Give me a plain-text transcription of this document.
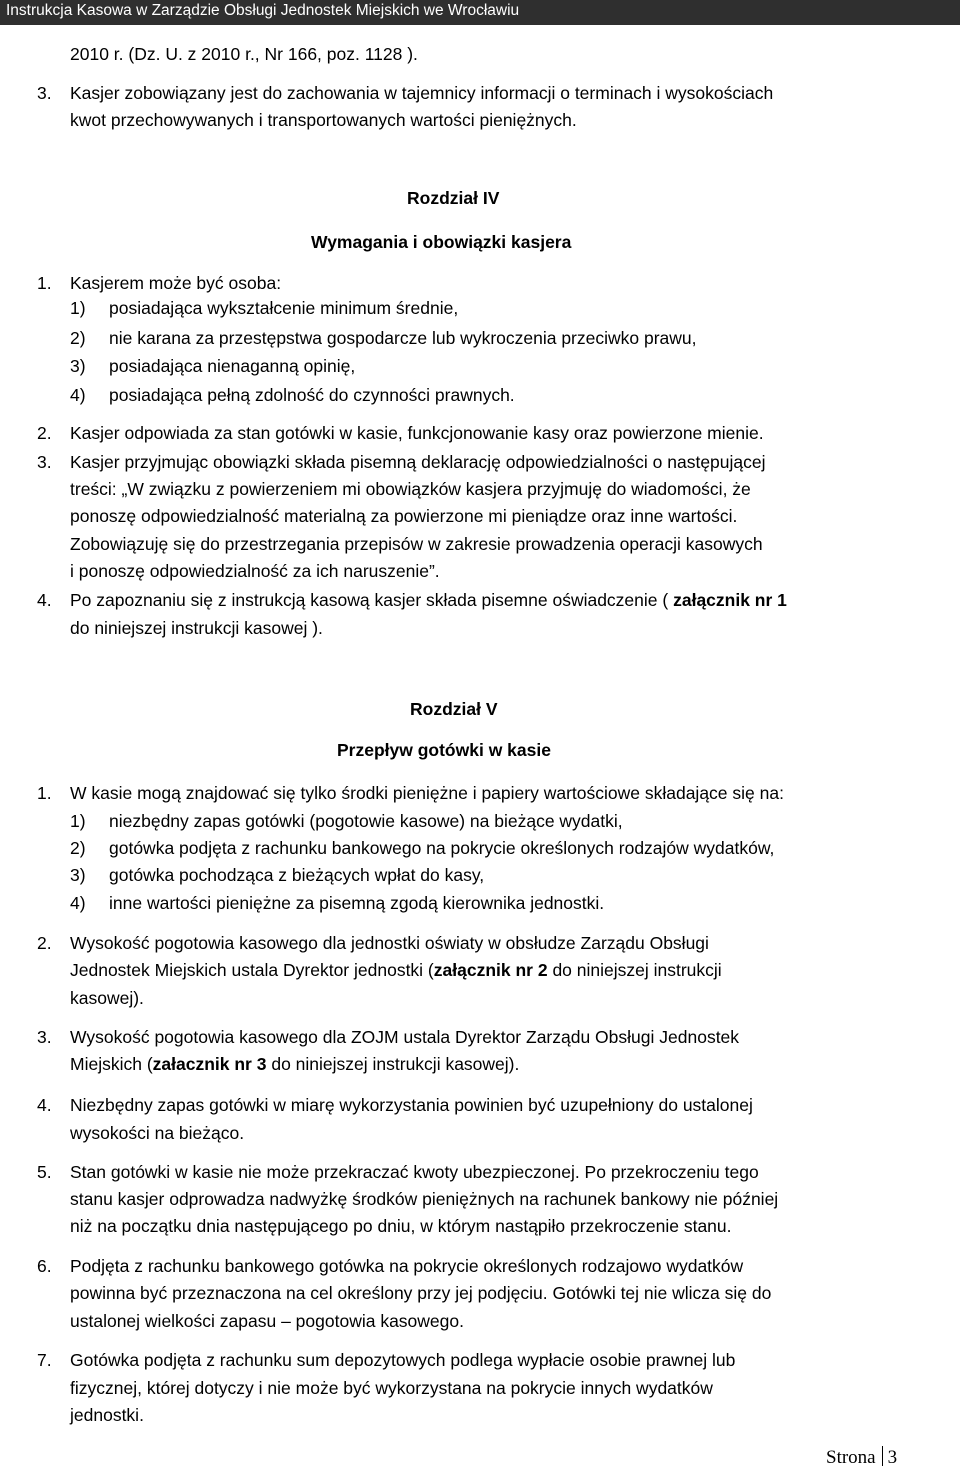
Instrukcja Kasowa w Zarządzie Obsługi Jednostek Miejskich we Wrocławiu
2010 r. (Dz. U. z 2010 r., Nr 166, poz. 1128 ).
3. Kasjer zobowiązany jest do zachowania w tajemnicy informacji o terminach i wysokościach
kwot przechowywanych i transportowanych wartości pieniężnych.
Rozdział IV
Wymagania i obowiązki kasjera
1. Kasjerem może być osoba:
1) posiadająca wykształcenie minimum średnie,
2) nie karana za przestępstwa gospodarcze lub wykroczenia przeciwko prawu,
3) posiadająca nienaganną opinię,
4) posiadająca pełną zdolność do czynności prawnych.
2. Kasjer odpowiada za stan gotówki w kasie, funkcjonowanie kasy oraz powierzone mienie.
3. Kasjer przyjmując obowiązki składa pisemną deklarację odpowiedzialności o następującej
treści: „W związku z powierzeniem mi obowiązków kasjera przyjmuję do wiadomości, że
ponoszę odpowiedzialność materialną za powierzone mi pieniądze oraz inne wartości.
Zobowiązuję się do przestrzegania przepisów w zakresie prowadzenia operacji kasowych
i ponoszę odpowiedzialność za ich naruszenie”.
4. Po zapoznaniu się z instrukcją kasową kasjer składa pisemne oświadczenie ( załącznik nr 1
do niniejszej instrukcji kasowej ).
Rozdział V
Przepływ gotówki w kasie
1. W kasie mogą znajdować się tylko środki pieniężne i papiery wartościowe składające się na:
1) niezbędny zapas gotówki (pogotowie kasowe) na bieżące wydatki,
2) gotówka podjęta z rachunku bankowego na pokrycie określonych rodzajów wydatków,
3) gotówka pochodząca z bieżących wpłat do kasy,
4) inne wartości pieniężne za pisemną zgodą kierownika jednostki.
2. Wysokość pogotowia kasowego dla jednostki oświaty w obsłudze Zarządu Obsługi
Jednostek Miejskich ustala Dyrektor jednostki (załącznik nr 2 do niniejszej instrukcji
kasowej).
3. Wysokość pogotowia kasowego dla ZOJM ustala Dyrektor Zarządu Obsługi Jednostek
Miejskich (załacznik nr 3 do niniejszej instrukcji kasowej).
4. Niezbędny zapas gotówki w miarę wykorzystania powinien być uzupełniony do ustalonej
wysokości na bieżąco.
5. Stan gotówki w kasie nie może przekraczać kwoty ubezpieczonej. Po przekroczeniu tego
stanu kasjer odprowadza nadwyżkę środków pieniężnych na rachunek bankowy nie później
niż na początku dnia następującego po dniu, w którym nastąpiło przekroczenie stanu.
6. Podjęta z rachunku bankowego gotówka na pokrycie określonych rodzajowo wydatków
powinna być przeznaczona na cel określony przy jej podjęciu. Gotówki tej nie wlicza się do
ustalonej wielkości zapasu – pogotowia kasowego.
7. Gotówka podjęta z rachunku sum depozytowych podlega wypłacie osobie prawnej lub
fizycznej, której dotyczy i nie może być wykorzystana na pokrycie innych wydatków
jednostki.
Strona 3
